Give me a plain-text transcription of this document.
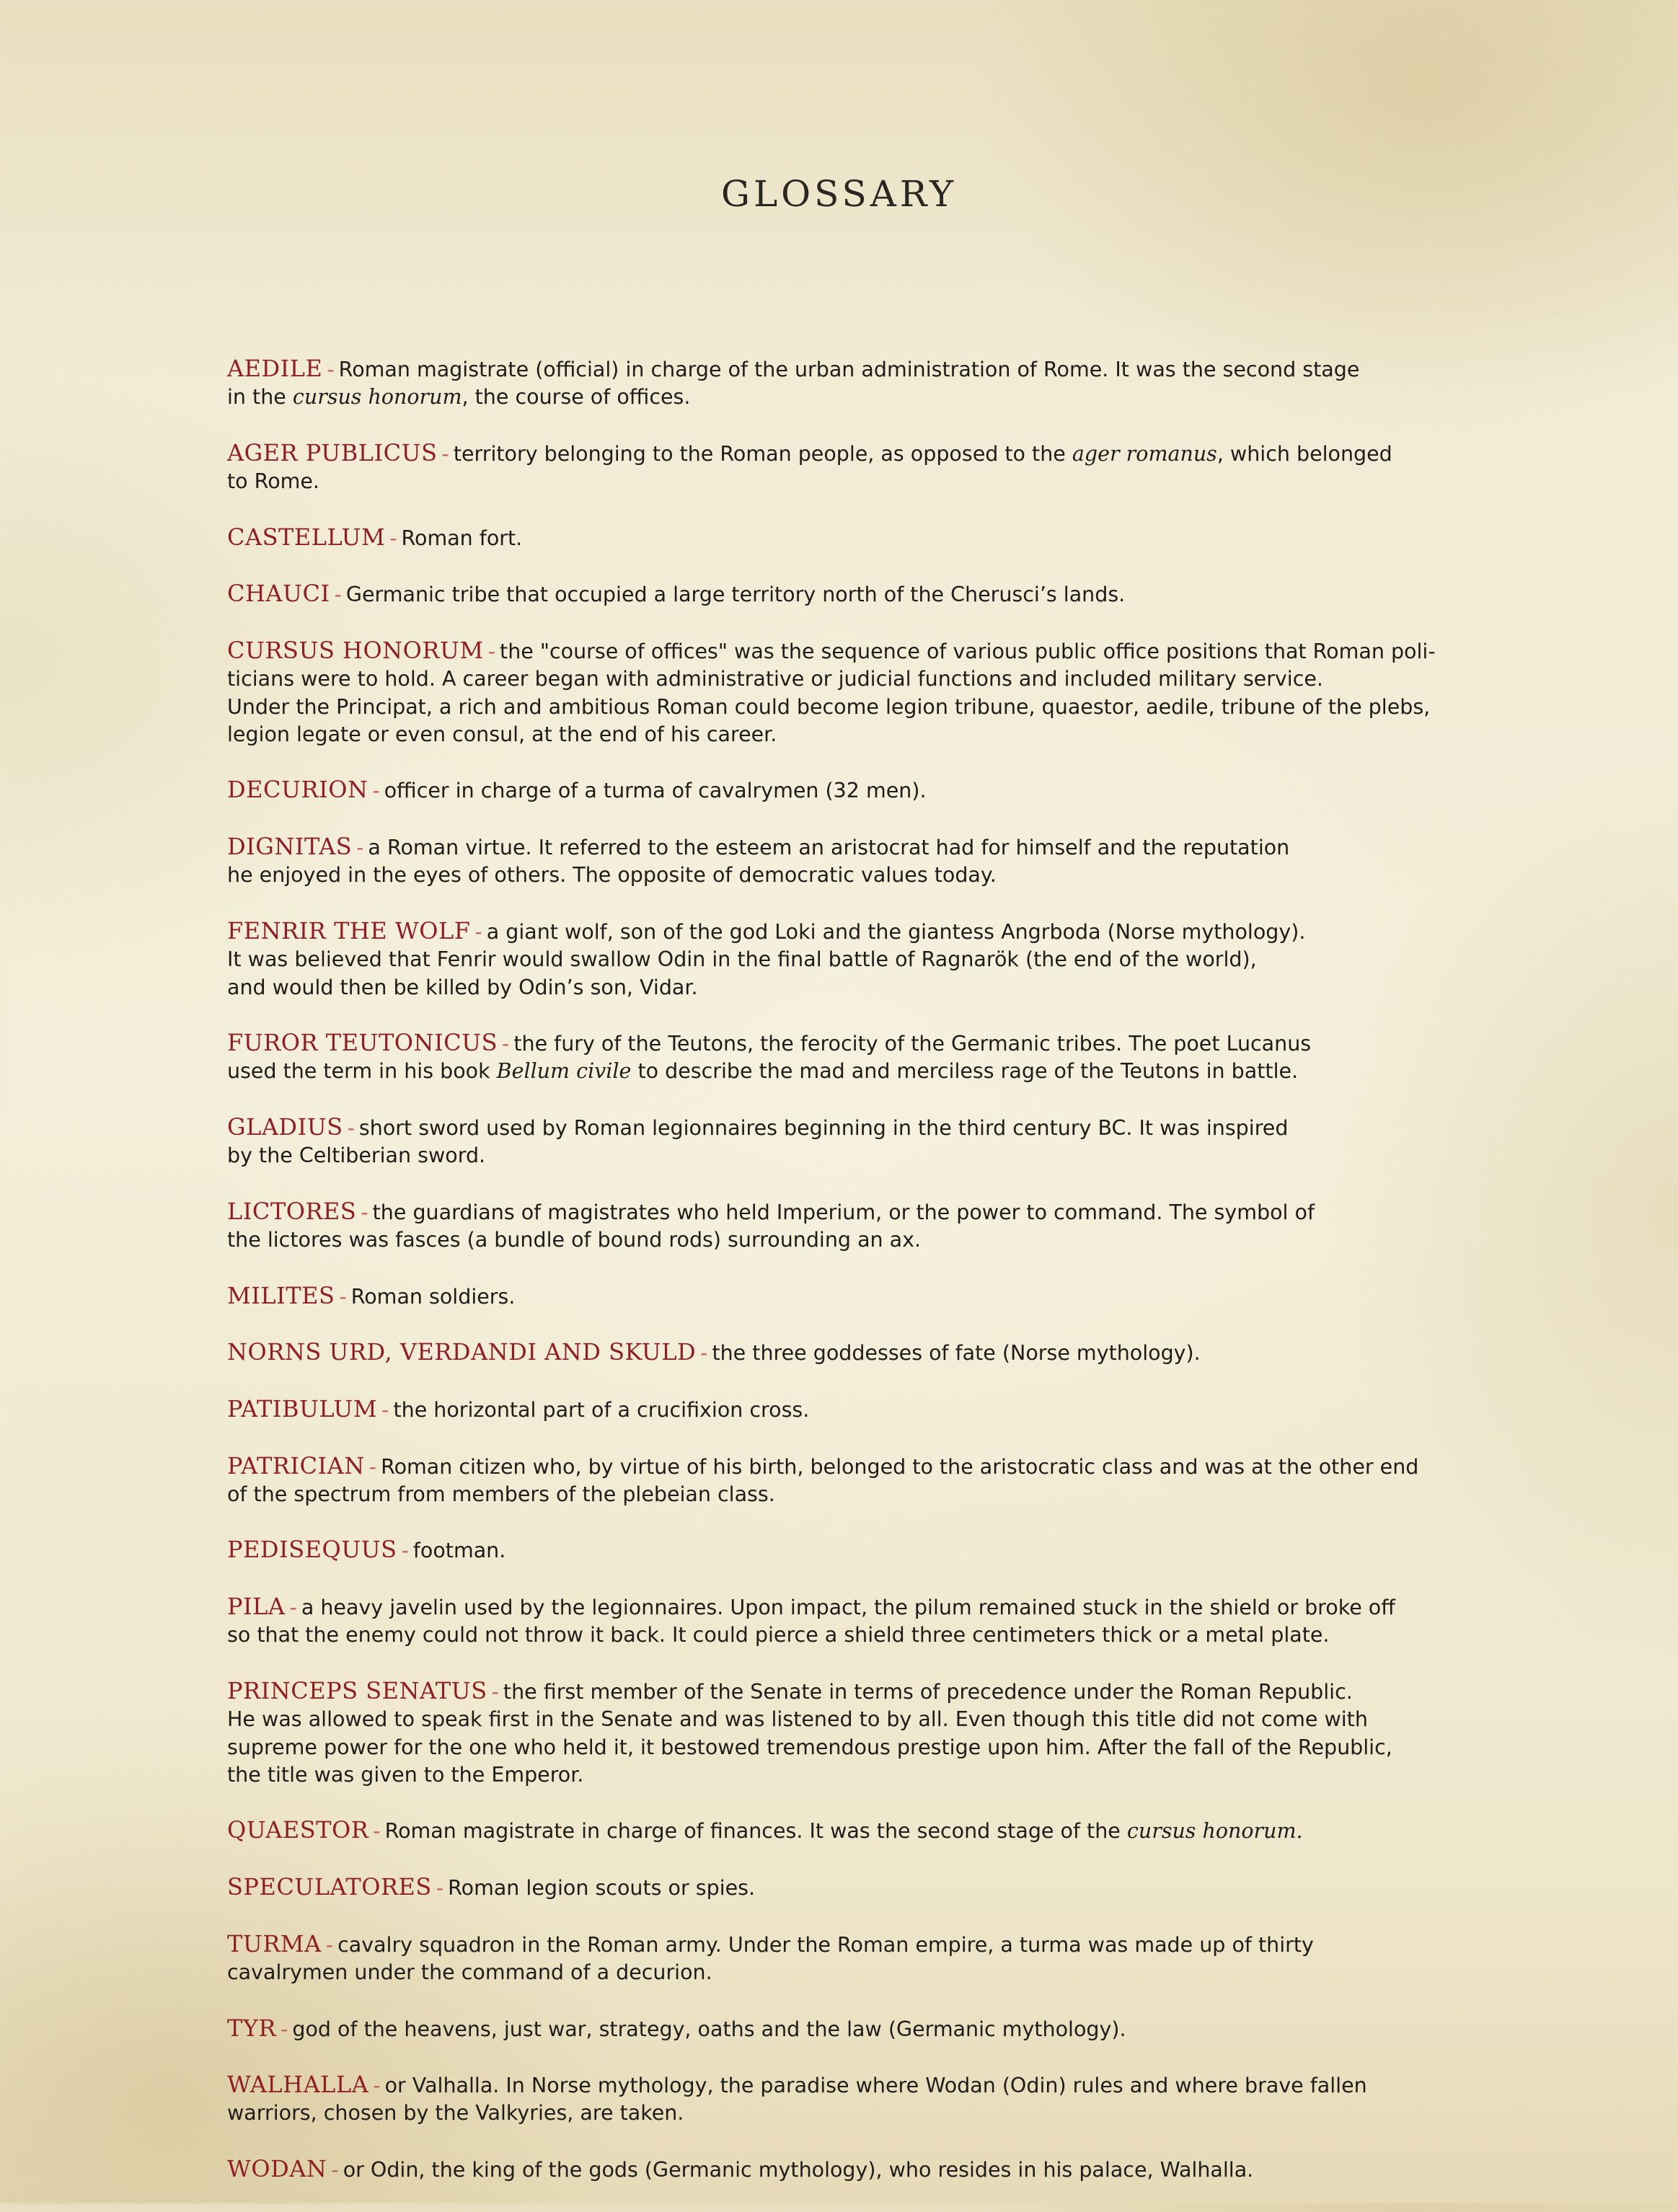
GLOSSARY
AEDILE - Roman magistrate (official) in charge of the urban administration of Rome. It was the second stage
in the cursus honorum, the course of offices.
AGER PUBLICUS - territory belonging to the Roman people, as opposed to the ager romanus, which belonged
to Rome.
CASTELLUM - Roman fort.
CHAUCI - Germanic tribe that occupied a large territory north of the Cherusci’s lands.
CURSUS HONORUM - the "course of offices" was the sequence of various public office positions that Roman poli-
ticians were to hold. A career began with administrative or judicial functions and included military service.
Under the Principat, a rich and ambitious Roman could become legion tribune, quaestor, aedile, tribune of the plebs,
legion legate or even consul, at the end of his career.
DECURION - officer in charge of a turma of cavalrymen (32 men).
DIGNITAS - a Roman virtue. It referred to the esteem an aristocrat had for himself and the reputation
he enjoyed in the eyes of others. The opposite of democratic values today.
FENRIR THE WOLF - a giant wolf, son of the god Loki and the giantess Angrboda (Norse mythology).
It was believed that Fenrir would swallow Odin in the final battle of Ragnarök (the end of the world),
and would then be killed by Odin’s son, Vidar.
FUROR TEUTONICUS - the fury of the Teutons, the ferocity of the Germanic tribes. The poet Lucanus
used the term in his book Bellum civile to describe the mad and merciless rage of the Teutons in battle.
GLADIUS - short sword used by Roman legionnaires beginning in the third century BC. It was inspired
by the Celtiberian sword.
LICTORES - the guardians of magistrates who held Imperium, or the power to command. The symbol of
the lictores was fasces (a bundle of bound rods) surrounding an ax.
MILITES - Roman soldiers.
NORNS URD, VERDANDI AND SKULD - the three goddesses of fate (Norse mythology).
PATIBULUM - the horizontal part of a crucifixion cross.
PATRICIAN - Roman citizen who, by virtue of his birth, belonged to the aristocratic class and was at the other end
of the spectrum from members of the plebeian class.
PEDISEQUUS - footman.
PILA - a heavy javelin used by the legionnaires. Upon impact, the pilum remained stuck in the shield or broke off
so that the enemy could not throw it back. It could pierce a shield three centimeters thick or a metal plate.
PRINCEPS SENATUS - the first member of the Senate in terms of precedence under the Roman Republic.
He was allowed to speak first in the Senate and was listened to by all. Even though this title did not come with
supreme power for the one who held it, it bestowed tremendous prestige upon him. After the fall of the Republic,
the title was given to the Emperor.
QUAESTOR - Roman magistrate in charge of finances. It was the second stage of the cursus honorum.
SPECULATORES - Roman legion scouts or spies.
TURMA - cavalry squadron in the Roman army. Under the Roman empire, a turma was made up of thirty
cavalrymen under the command of a decurion.
TYR - god of the heavens, just war, strategy, oaths and the law (Germanic mythology).
WALHALLA - or Valhalla. In Norse mythology, the paradise where Wodan (Odin) rules and where brave fallen
warriors, chosen by the Valkyries, are taken.
WODAN - or Odin, the king of the gods (Germanic mythology), who resides in his palace, Walhalla.
